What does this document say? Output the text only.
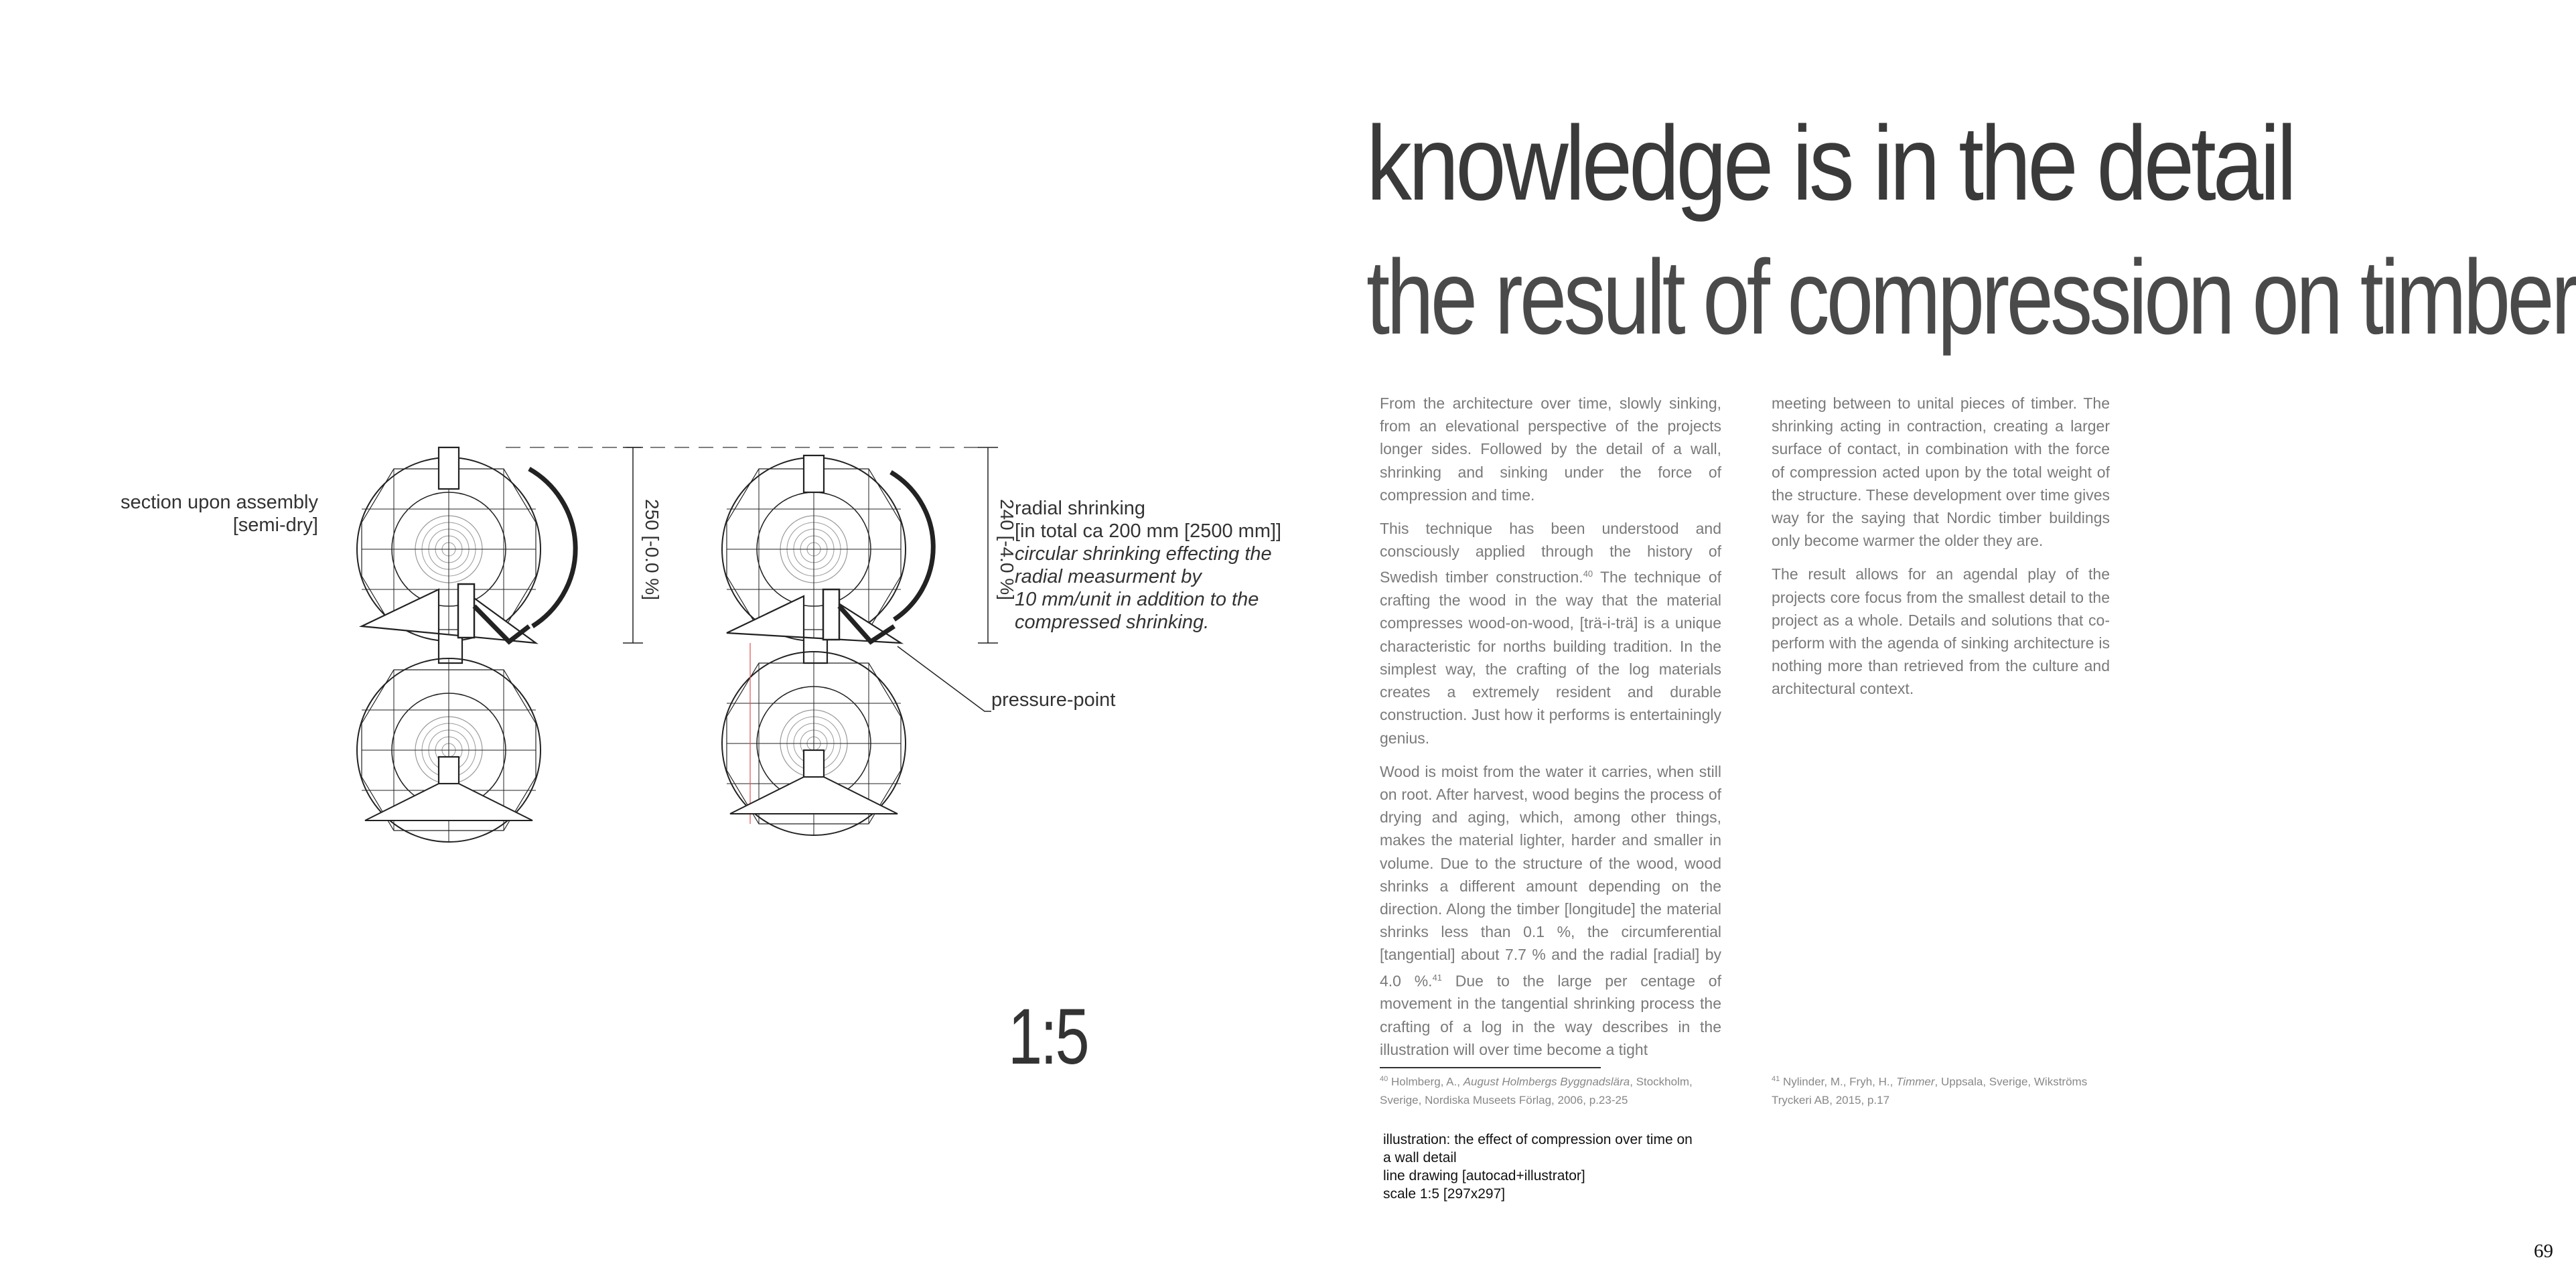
250 [-0.0 %]	240 [-4.0 %]
section upon assembly
[semi-dry]
radial shrinking
[in total ca 200 mm [2500 mm]]
circular shrinking effecting the
radial measurment by
10 mm/unit in addition to the
compressed shrinking.
pressure-point
1:5
knowledge is in the detail
the result of compression on timber

From the architecture over time, slowly sinking, from an elevational perspective of the projects longer sides. Followed by the detail of a wall, shrinking and sinking under the force of compression and time.

This technique has been understood and consciously applied through the history of Swedish timber construction.$^{40}$ The technique of crafting the wood in the way that the material compresses wood-on-wood, [trä-i-trä] is a unique characteristic for norths building tradition. In the simplest way, the crafting of the log materials creates a extremely resident and durable construction. Just how it performs is entertainingly genius.

Wood is moist from the water it carries, when still on root. After harvest, wood begins the process of drying and aging, which, among other things, makes the material lighter, harder and smaller in volume. Due to the structure of the wood, wood shrinks a different amount depending on the direction. Along the timber [longitude] the material shrinks less than 0.1 %, the circumferential [tangential] about 7.7 % and the radial [radial] by 4.0 %.$^{41}$ Due to the large per centage of movement in the tangential shrinking process the crafting of a log in the way describes in the illustration will over time become a tight

meeting between to unital pieces of timber. The shrinking acting in contraction, creating a larger surface of contact, in combination with the force of compression acted upon by the total weight of the structure. These development over time gives way for the saying that Nordic timber buildings only become warmer the older they are.

The result allows for an agendal play of the projects core focus from the smallest detail to the project as a whole. Details and solutions that co-perform with the agenda of sinking architecture is nothing more than retrieved from the culture and architectural context.

$^{40}$ Holmberg, A., August Holmbergs Byggnadslära, Stockholm, Sverige, Nordiska Museets Förlag, 2006, p.23-25
$^{41}$ Nylinder, M., Fryh, H., Timmer, Uppsala, Sverige, Wikströms Tryckeri AB, 2015, p.17
illustration: the effect of compression over time on
a wall detail
line drawing [autocad+illustrator]
scale 1:5 [297x297]
69
